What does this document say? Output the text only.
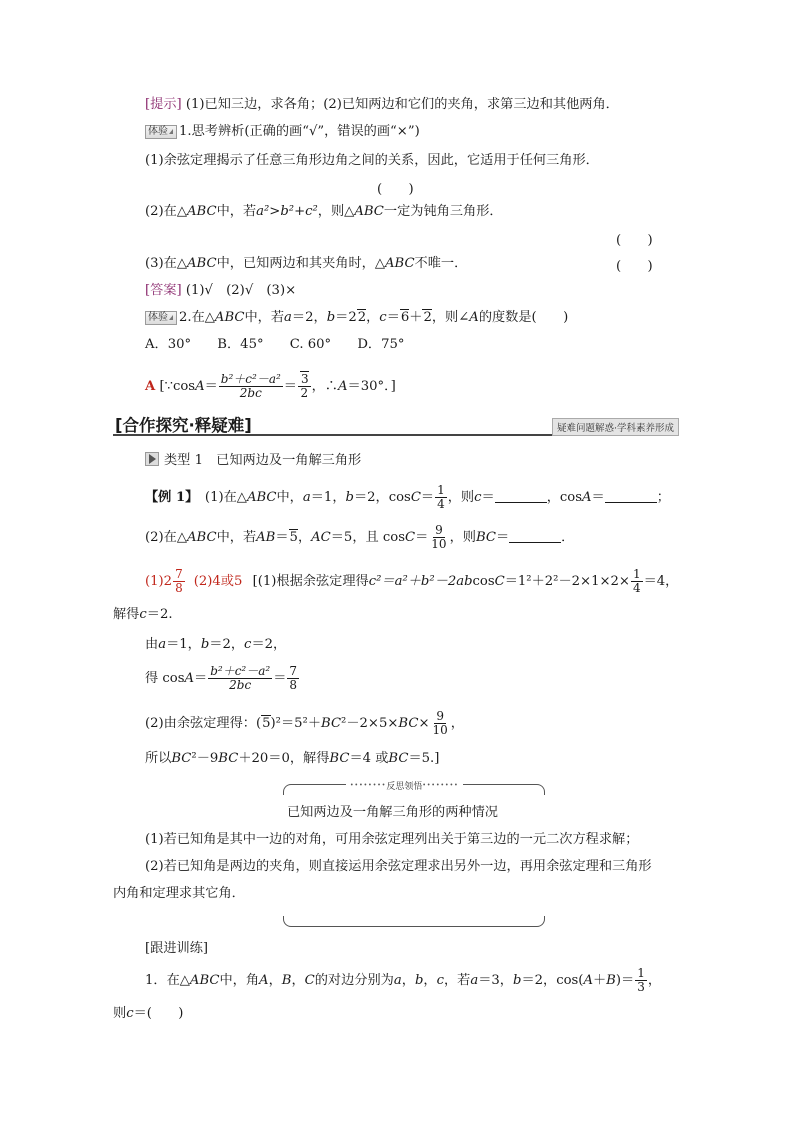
[提示] (1)已知三边，求各角；(2)已知两边和它们的夹角，求第三边和其他两角．
体验 1.思考辨析(正确的画“√”，错误的画“×”)
(1)余弦定理揭示了任意三角形边角之间的关系，因此，它适用于任何三角形．
(　　)
(2)在△ABC中，若a²>b²+c²，则△ABC一定为钝角三角形．
(　　)
(3)在△ABC中，已知两边和其夹角时，△ABC不唯一．	(　　)
[答案] (1)√　(2)√　(3)×
体验 2.在△ABC中，若a＝2，b＝22，c＝6＋2，则∠A的度数是(　　)
A．30° B．45° C. 60° D．75°
A [∵cosA＝ $\frac{\text{b²＋c²－a²}}{2bc} = \frac{3}{2}$ ，∴A＝30°．]
[合作探究·释疑难]	疑难问题解惑·学科素养形成
类型 1　已知两边及一角解三角形
【例 1】　(1)在△ABC中，a＝1，b＝2，$\cos C= \frac{1}{4}$ ，则c＝	，cosA＝	；
(2)在△ABC中，若AB＝5，AC＝5，且 $\cos C= \frac{9}{10}$ ，则BC＝	．
$(1)2 \frac{7}{8} (2)4$或5 [(1)根据余弦定理得$c^2=a^2+b^2-2abcosC=1^2+2^2-2\times 1\times 2\times \frac{1}{4} =4$，
解得c＝2.
由a＝1，b＝2，c＝2，
得 $\cos A= \frac{\text{b²＋c²－a²}}{2bc} = \frac{7}{8}$
(2)由余弦定理得：$(5)^2=5^2+BC^2-2\times 5\times BC\times \frac{9}{10}$ ，
所以BC²－9BC＋20＝0，解得BC＝4 或BC＝5.]
•••••••• 反思领悟 ••••••••
已知两边及一角解三角形的两种情况
(1)若已知角是其中一边的对角，可用余弦定理列出关于第三边的一元二次方程求解；
(2)若已知角是两边的夹角，则直接运用余弦定理求出另外一边，再用余弦定理和三角形
内角和定理求其它角．
[跟进训练]
1．在△ABC中，角A，B，C的对边分别为a，b，c，若a＝3，b＝2，$\cos(A+B)= \frac{1}{3}$ ，
则c＝(　　)
